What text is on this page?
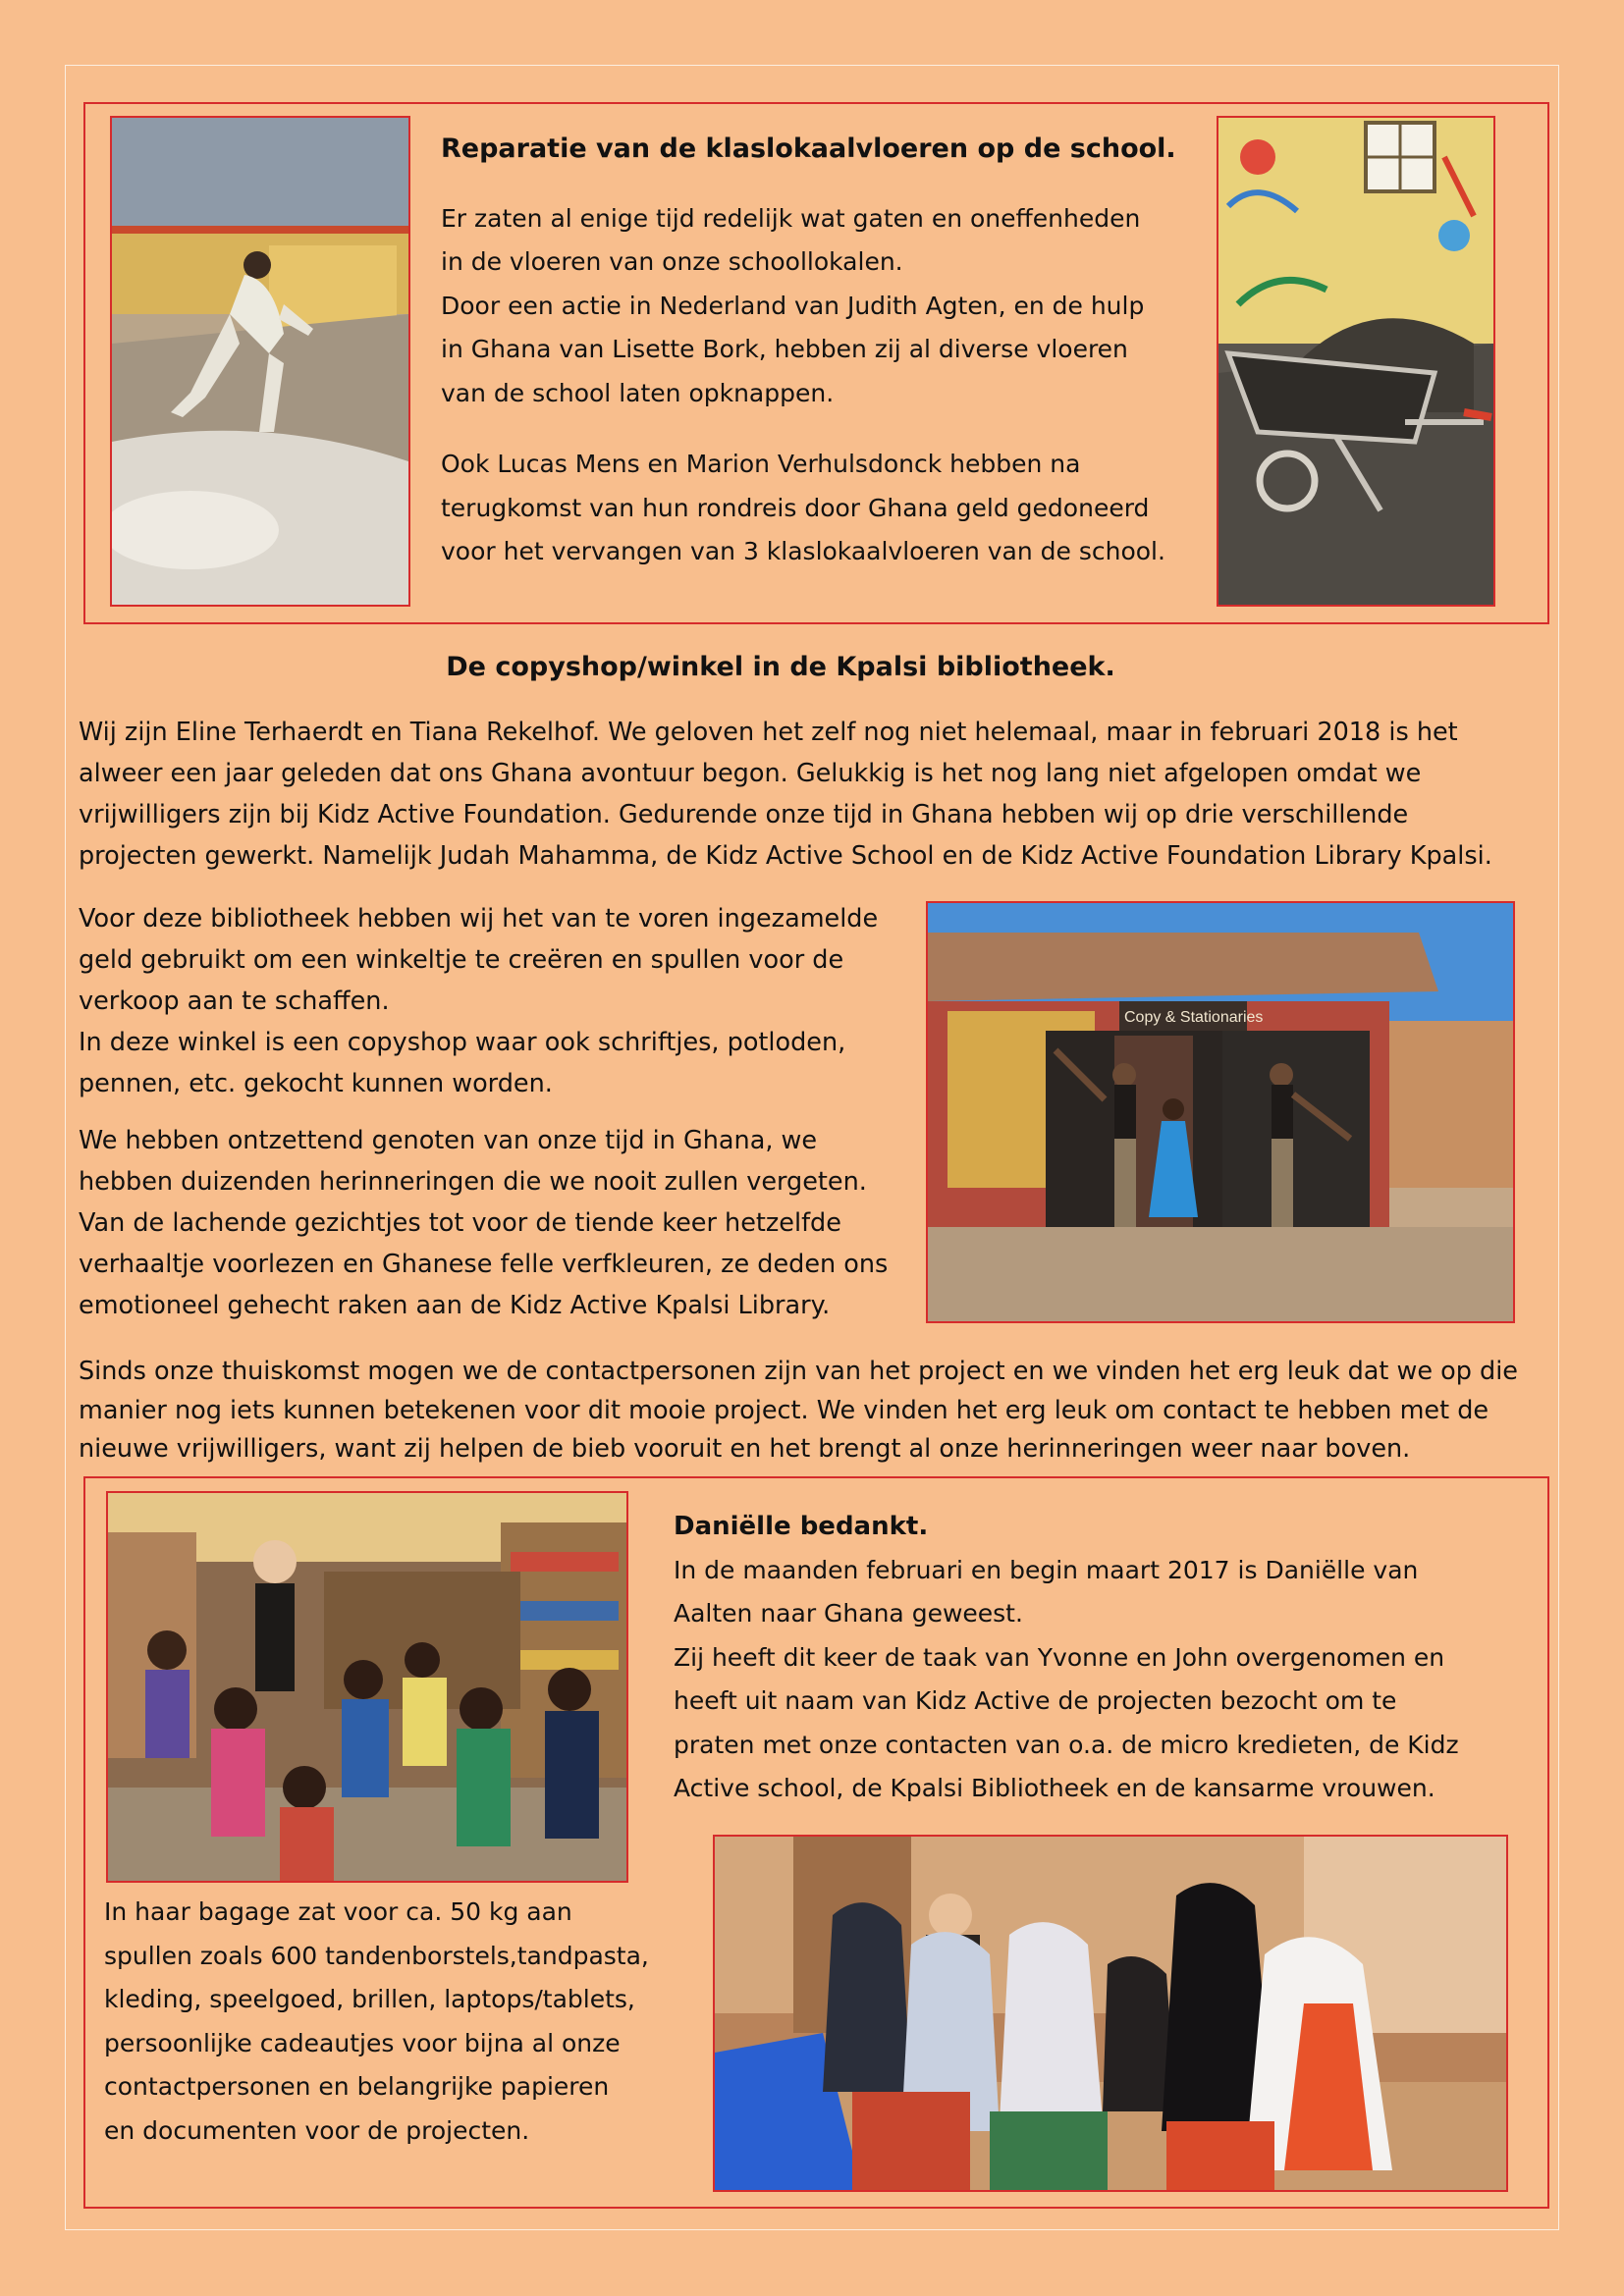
Reparatie van de klaslokaalvloeren op de school.

Er zaten al enige tijd redelijk wat gaten en oneffenheden

in de vloeren van onze schoollokalen.

Door een actie in Nederland van Judith Agten, en de hulp

in Ghana van Lisette Bork, hebben zij al diverse vloeren

van de school laten opknappen.

Ook Lucas Mens en Marion Verhulsdonck hebben na

terugkomst van hun rondreis door Ghana geld gedoneerd

voor het vervangen van 3 klaslokaalvloeren van de school.

De copyshop/winkel in de Kpalsi bibliotheek.

Wij zijn Eline Terhaerdt en Tiana Rekelhof. We geloven het zelf nog niet helemaal, maar in februari 2018 is het

alweer een jaar geleden dat ons Ghana avontuur begon. Gelukkig is het nog lang niet afgelopen omdat we

vrijwilligers zijn bij Kidz Active Foundation. Gedurende onze tijd in Ghana hebben wij op drie verschillende

projecten gewerkt. Namelijk Judah Mahamma, de Kidz Active School en de Kidz Active Foundation Library Kpalsi.

Voor deze bibliotheek hebben wij het van te voren ingezamelde

geld gebruikt om een winkeltje te creëren en spullen voor de

verkoop aan te schaffen.

In deze winkel is een copyshop waar ook schriftjes, potloden,

pennen, etc. gekocht kunnen worden.

We hebben ontzettend genoten van onze tijd in Ghana, we

hebben duizenden herinneringen die we nooit zullen vergeten.

Van de lachende gezichtjes tot voor de tiende keer hetzelfde

verhaaltje voorlezen en Ghanese felle verfkleuren, ze deden ons

emotioneel gehecht raken aan de Kidz Active Kpalsi Library.

Copy & Stationaries

Sinds onze thuiskomst mogen we de contactpersonen zijn van het project en we vinden het erg leuk dat we op die

manier nog iets kunnen betekenen voor dit mooie project. We vinden het erg leuk om contact te hebben met de

nieuwe vrijwilligers, want zij helpen de bieb vooruit en het brengt al onze herinneringen weer naar boven.

Daniëlle bedankt.

In de maanden februari en begin maart 2017 is Daniëlle van

Aalten naar Ghana geweest.

Zij heeft dit keer de taak van Yvonne en John overgenomen en

heeft uit naam van Kidz Active de projecten bezocht om te

praten met onze contacten van o.a. de micro kredieten, de Kidz

Active school, de Kpalsi Bibliotheek en de kansarme vrouwen.

In haar bagage zat voor ca. 50 kg aan

spullen zoals 600 tandenborstels,tandpasta,

kleding, speelgoed, brillen, laptops/tablets,

persoonlijke cadeautjes voor bijna al onze

contactpersonen en belangrijke papieren

en documenten voor de projecten.
